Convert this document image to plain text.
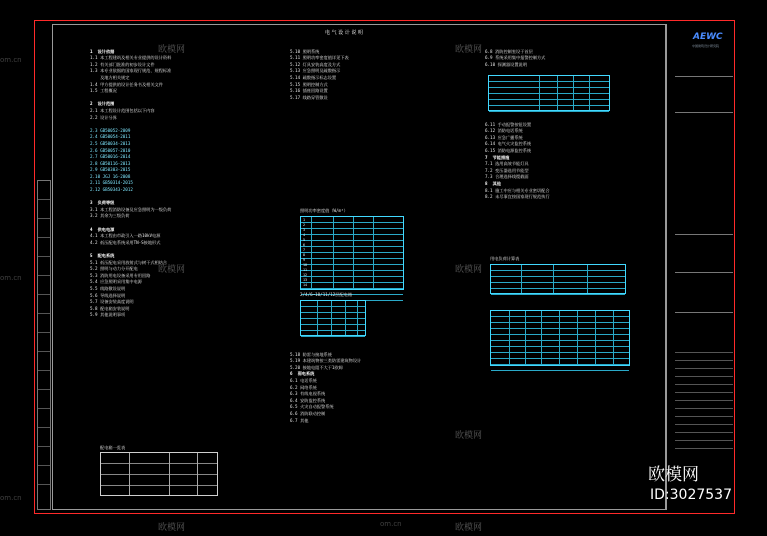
电 气 设 计 说 明

1  设计依据
1.1 本工程建筑及相关专业提供的设计资料
1.2 有关部门批准的初步设计文件
1.3 本专业依据的国家现行规范、规程标准
及地方相关规定
1.4 甲方提供的设计任务书及相关文件
1.5 工程概况

2  设计范围
2.1 本工程设计范围包括以下内容
2.2 设计分界

2.3 GB50052-2009
2.4 GB50054-2011
2.5 GB50034-2013
2.6 GB50057-2010
2.7 GB50016-2014
2.8 GB50116-2013
2.9 GB50303-2015
2.10 JGJ 16-2008
2.11 GB50314-2015
2.12 GB50343-2012

3  负荷等级
3.1 本工程消防设备及应急照明为一级负荷
3.2 其余为三级负荷

4  供电电源
4.1 本工程由市政引入一路10kV电源
4.2 低压配电系统采用TN-S接地形式

5  配电系统
5.1 低压配电采用放射式与树干式相结合
5.2 照明与动力分开配电
5.3 消防用电设备采用专用回路
5.4 应急照明采用集中电源
5.5 线路敷设说明
5.6 导线选择说明
5.7 设备安装高度说明
5.8 配电箱安装说明
5.9 其他说明事项

5.10 照明系统
5.11 照明功率密度值详见下表
5.12 灯具安装高度及方式
5.13 应急照明及疏散指示
5.14 疏散指示标志设置
5.15 照明控制方式
5.16 插座回路设置
5.17 线路穿管敷设

照明功率密度值（W/m²）
1
2
3
4
5
6
7
8
9
10
11
12
13
14
2/4/6~10/11/12层配电箱

5.18 防雷与接地系统
5.19 本建筑物按三类防雷建筑物设计
5.20 接地电阻不大于1欧姆
6  弱电系统
6.1 电话系统
6.2 网络系统
6.3 有线电视系统
6.4 安防监控系统
6.5 火灾自动报警系统
6.6 消防联动控制
6.7 其他

6.8 消防控制室设于首层
6.9 系统采用集中报警控制方式
6.10 探测器设置说明

6.11 手动报警按钮设置
6.12 消防电话系统
6.13 应急广播系统
6.14 电气火灾监控系统
6.15 消防电源监控系统
7  节能措施
7.1 选用高效节能灯具
7.2 变压器选用节能型
7.3 合理选择线缆截面
8  其他
8.1 施工中应与相关专业密切配合
8.2 未尽事宜按国家现行规范执行

用电负荷计算表
配电箱一览表
AEWC
中国建筑设计研究院
欧模网
欧模网
欧模网
欧模网
欧模网
欧模网	欧模网
om.cn
om.cn
om.cn
om.cn
欧模网
ID:3027537
